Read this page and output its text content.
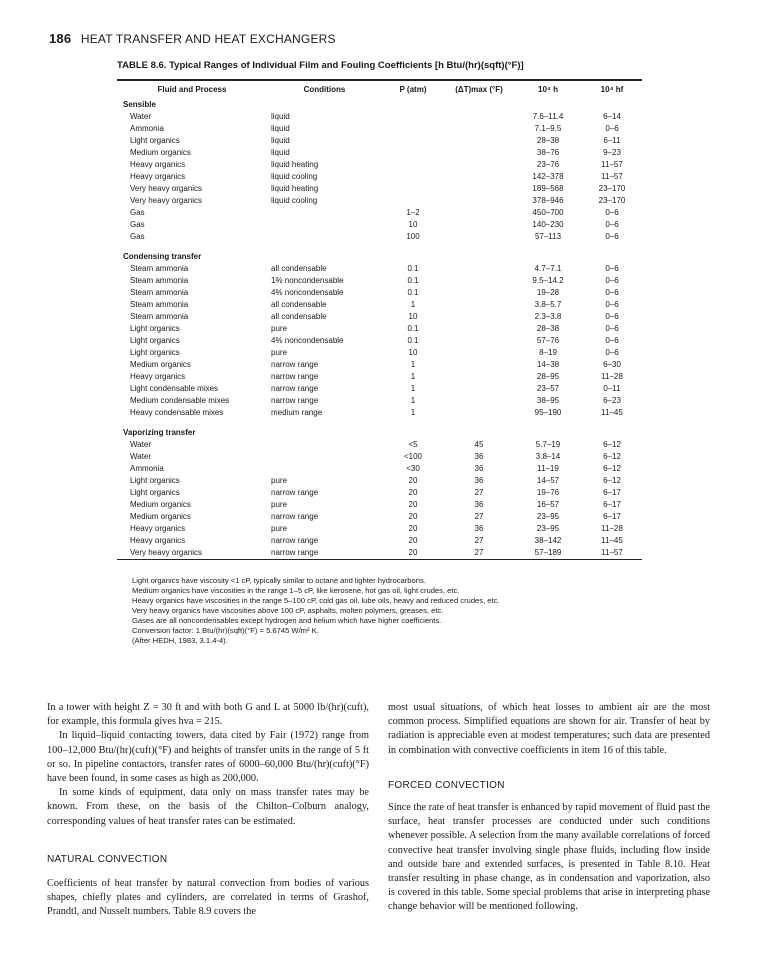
186 HEAT TRANSFER AND HEAT EXCHANGERS
TABLE 8.6. Typical Ranges of Individual Film and Fouling Coefficients [h Btu/(hr)(sqft)(°F)]
Fluid and Process	Conditions	P (atm)	(ΔT)max (°F)	10⁴ h	10⁴ hf
Sensible					
Water	liquid			7.6–11.4	6–14
Ammonia	liquid			7.1–9.5	0–6
Light organics	liquid			28–38	6–11
Medium organics	liquid			38–76	9–23
Heavy organics	liquid heating			23–76	11–57
Heavy organics	liquid cooling			142–378	11–57
Very heavy organics	liquid heating			189–568	23–170
Very heavy organics	liquid cooling			378–946	23–170
Gas		1–2		450–700	0–6
Gas		10		140–230	0–6
Gas		100		57–113	0–6

Condensing transfer					
Steam ammonia	all condensable	0.1		4.7–7.1	0–6
Steam ammonia	1% noncondensable	0.1		9.5–14.2	0–6
Steam ammonia	4% noncondensable	0.1		19–28	0–6
Steam ammonia	all condensable	1		3.8–5.7	0–6
Steam ammonia	all condensable	10		2.3–3.8	0–6
Light organics	pure	0.1		28–38	0–6
Light organics	4% noncondensable	0.1		57–76	0–6
Light organics	pure	10		8–19	0–6
Medium organics	narrow range	1		14–38	6–30
Heavy organics	narrow range	1		28–95	11–28
Light condensable mixes	narrow range	1		23–57	0–11
Medium condensable mixes	narrow range	1		38–95	6–23
Heavy condensable mixes	medium range	1		95–190	11–45

Vaporizing transfer					
Water		<5	45	5.7–19	6–12
Water		<100	36	3.8–14	6–12
Ammonia		<30	36	11–19	6–12
Light organics	pure	20	36	14–57	6–12
Light organics	narrow range	20	27	19–76	6–17
Medium organics	pure	20	36	16–57	6–17
Medium organics	narrow range	20	27	23–95	6–17
Heavy organics	pure	20	36	23–95	11–28
Heavy organics	narrow range	20	27	38–142	11–45
Very heavy organics	narrow range	20	27	57–189	11–57
Light organics have viscosity <1 cP, typically similar to octane and lighter hydrocarbons.
Medium organics have viscosities in the range 1–5 cP, like kerosene, hot gas oil, light crudes, etc.
Heavy organics have viscosities in the range 5–100 cP, cold gas oil, lube oils, heavy and reduced crudes, etc.
Very heavy organics have viscosities above 100 cP, asphalts, molten polymers, greases, etc.
Gases are all noncondensables except hydrogen and helium which have higher coefficients.
Conversion factor: 1 Btu/(hr)(sqft)(°F) = 5.6745 W/m² K.
(After HEDH, 1983, 3.1.4-4).

In a tower with height Z = 30 ft and with both G and L at 5000 lb/(hr)(cuft), for example, this formula gives hva = 215.

In liquid–liquid contacting towers, data cited by Fair (1972) range from 100–12,000 Btu/(hr)(cuft)(°F) and heights of transfer units in the range of 5 ft or so. In pipeline contactors, transfer rates of 6000–60,000 Btu/(hr)(cuft)(°F) have been found, in some cases as high as 200,000.

In some kinds of equipment, data only on mass transfer rates may be known. From these, on the basis of the Chilton–Colburn analogy, corresponding values of heat transfer rates can be estimated.

NATURAL CONVECTION

Coefficients of heat transfer by natural convection from bodies of various shapes, chiefly plates and cylinders, are correlated in terms of Grashof, Prandtl, and Nusselt numbers. Table 8.9 covers the

most usual situations, of which heat losses to ambient air are the most common process. Simplified equations are shown for air. Transfer of heat by radiation is appreciable even at modest temperatures; such data are presented in combination with convective coefficients in item 16 of this table.

FORCED CONVECTION

Since the rate of heat transfer is enhanced by rapid movement of fluid past the surface, heat transfer processes are conducted under such conditions whenever possible. A selection from the many available correlations of forced convective heat transfer involving single phase fluids, including flow inside and outside bare and extended surfaces, is presented in Table 8.10. Heat transfer resulting in phase change, as in condensation and vaporization, also is covered in this table. Some special problems that arise in interpreting phase change behavior will be mentioned following.
